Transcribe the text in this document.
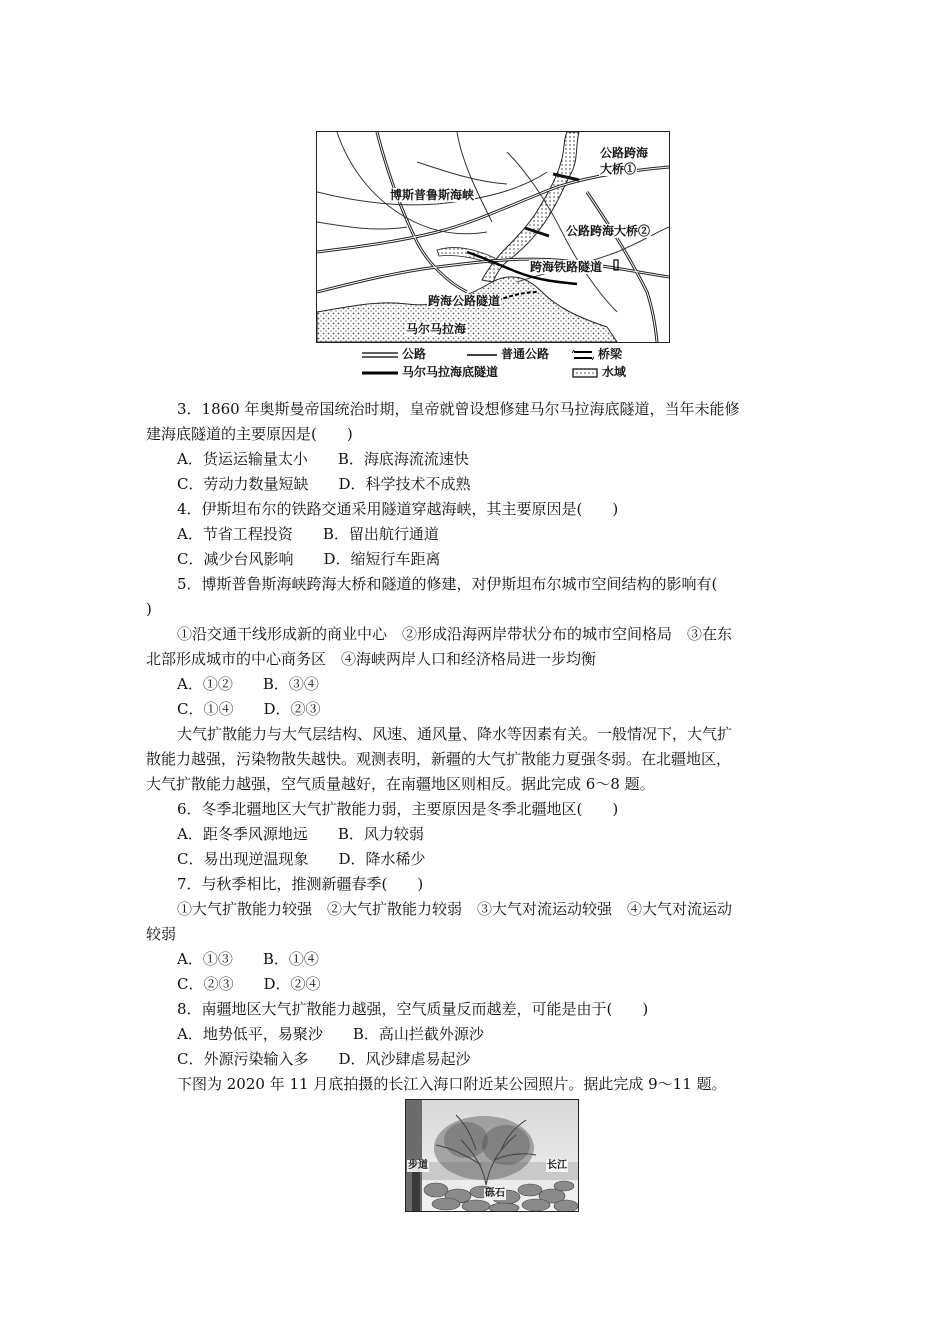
公路跨海
大桥①
博斯普鲁斯海峡
公路跨海大桥②
跨海铁路隧道
跨海公路隧道
马尔马拉海
公路	普通公路	桥梁
马尔马拉海底隧道	水域

3．1860 年奥斯曼帝国统治时期，皇帝就曾设想修建马尔马拉海底隧道，当年未能修

建海底隧道的主要原因是(　　)

A．货运运输量太小　　B．海底海流流速快

C．劳动力数量短缺　　D．科学技术不成熟

4．伊斯坦布尔的铁路交通采用隧道穿越海峡，其主要原因是(　　)

A．节省工程投资　　B．留出航行通道

C．减少台风影响　　D．缩短行车距离

5．博斯普鲁斯海峡跨海大桥和隧道的修建，对伊斯坦布尔城市空间结构的影响有(

)

①沿交通干线形成新的商业中心　②形成沿海两岸带状分布的城市空间格局　③在东

北部形成城市的中心商务区　④海峡两岸人口和经济格局进一步均衡

A．①②　　B．③④

C．①④　　D．②③

大气扩散能力与大气层结构、风速、通风量、降水等因素有关。一般情况下，大气扩

散能力越强，污染物散失越快。观测表明，新疆的大气扩散能力夏强冬弱。在北疆地区，

大气扩散能力越强，空气质量越好，在南疆地区则相反。据此完成 6～8 题。

6．冬季北疆地区大气扩散能力弱，主要原因是冬季北疆地区(　　)

A．距冬季风源地远　　B．风力较弱

C．易出现逆温现象　　D．降水稀少

7．与秋季相比，推测新疆春季(　　)

①大气扩散能力较强　②大气扩散能力较弱　③大气对流运动较强　④大气对流运动

较弱

A．①③　　B．①④

C．②③　　D．②④

8．南疆地区大气扩散能力越强，空气质量反而越差，可能是由于(　　)

A．地势低平，易聚沙　　B．高山拦截外源沙

C．外源污染输入多　　D．风沙肆虐易起沙

下图为 2020 年 11 月底拍摄的长江入海口附近某公园照片。据此完成 9～11 题。

步道	长江
砾石
